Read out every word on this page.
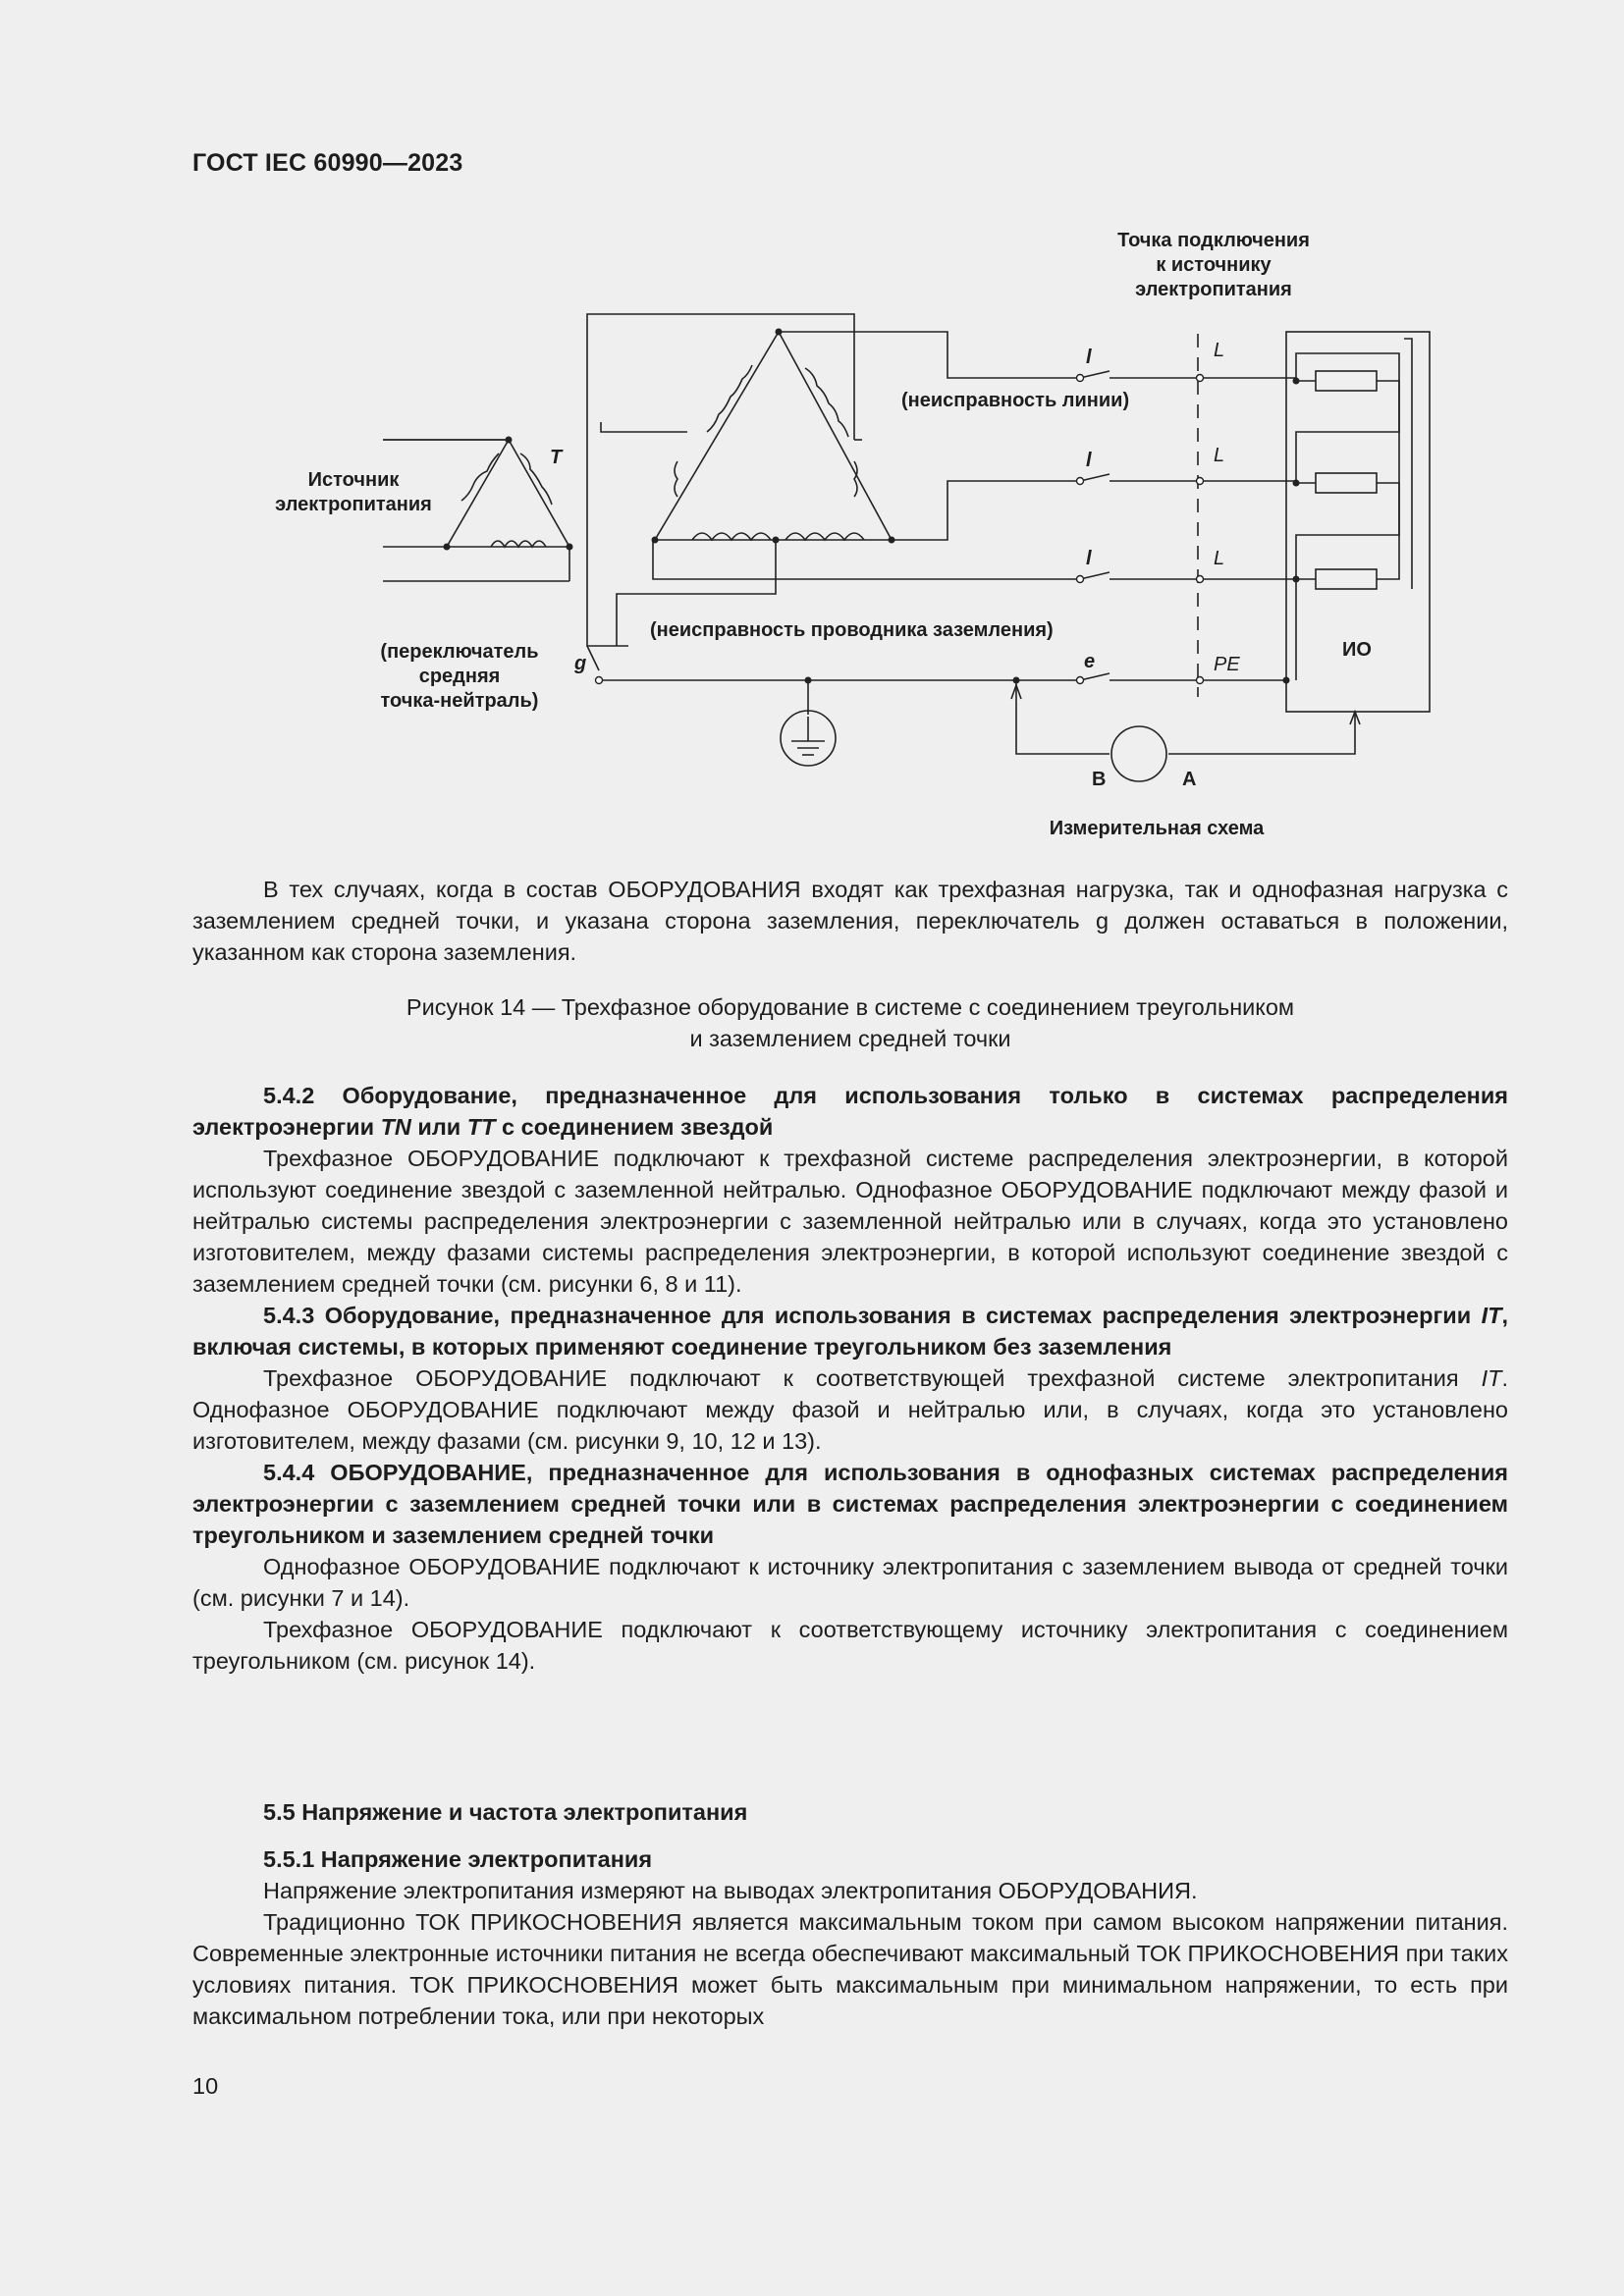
ГОСТ IEC 60990—2023
Точка подключения
к источнику
электропитания
Источник
электропитания
(переключатель
средняя
точка-нейтраль)
(неисправность линии)
(неисправность проводника заземления)
Измерительная схема
T
g
l
l
l
e
L
L
L
PE
ИО
B	A

В тех случаях, когда в состав ОБОРУДОВАНИЯ входят как трехфазная нагрузка, так и однофазная нагрузка с заземлением средней точки, и указана сторона заземления, переключатель g должен оставаться в положении, указанном как сторона заземления.

Рисунок 14 — Трехфазное оборудование в системе с соединением треугольником
и заземлением средней точки

5.4.2 Оборудование, предназначенное для использования только в системах распределения электроэнергии TN или TT с соединением звездой

Трехфазное ОБОРУДОВАНИЕ подключают к трехфазной системе распределения электроэнергии, в которой используют соединение звездой с заземленной нейтралью. Однофазное ОБОРУДОВАНИЕ подключают между фазой и нейтралью системы распределения электроэнергии с заземленной нейтралью или в случаях, когда это установлено изготовителем, между фазами системы распределения электроэнергии, в которой используют соединение звездой с заземлением средней точки (см. рисунки 6, 8 и 11).

5.4.3 Оборудование, предназначенное для использования в системах распределения электроэнергии IT, включая системы, в которых применяют соединение треугольником без заземления

Трехфазное ОБОРУДОВАНИЕ подключают к соответствующей трехфазной системе электропитания IT. Однофазное ОБОРУДОВАНИЕ подключают между фазой и нейтралью или, в случаях, когда это установлено изготовителем, между фазами (см. рисунки 9, 10, 12 и 13).

5.4.4 ОБОРУДОВАНИЕ, предназначенное для использования в однофазных системах распределения электроэнергии с заземлением средней точки или в системах распределения электроэнергии с соединением треугольником и заземлением средней точки

Однофазное ОБОРУДОВАНИЕ подключают к источнику электропитания с заземлением вывода от средней точки (см. рисунки 7 и 14).

Трехфазное ОБОРУДОВАНИЕ подключают к соответствующему источнику электропитания с соединением треугольником (см. рисунок 14).

5.5 Напряжение и частота электропитания

5.5.1 Напряжение электропитания

Напряжение электропитания измеряют на выводах электропитания ОБОРУДОВАНИЯ.

Традиционно ТОК ПРИКОСНОВЕНИЯ является максимальным током при самом высоком напряжении питания. Современные электронные источники питания не всегда обеспечивают максимальный ТОК ПРИКОСНОВЕНИЯ при таких условиях питания. ТОК ПРИКОСНОВЕНИЯ может быть максимальным при минимальном напряжении, то есть при максимальном потреблении тока, или при некоторых

10
